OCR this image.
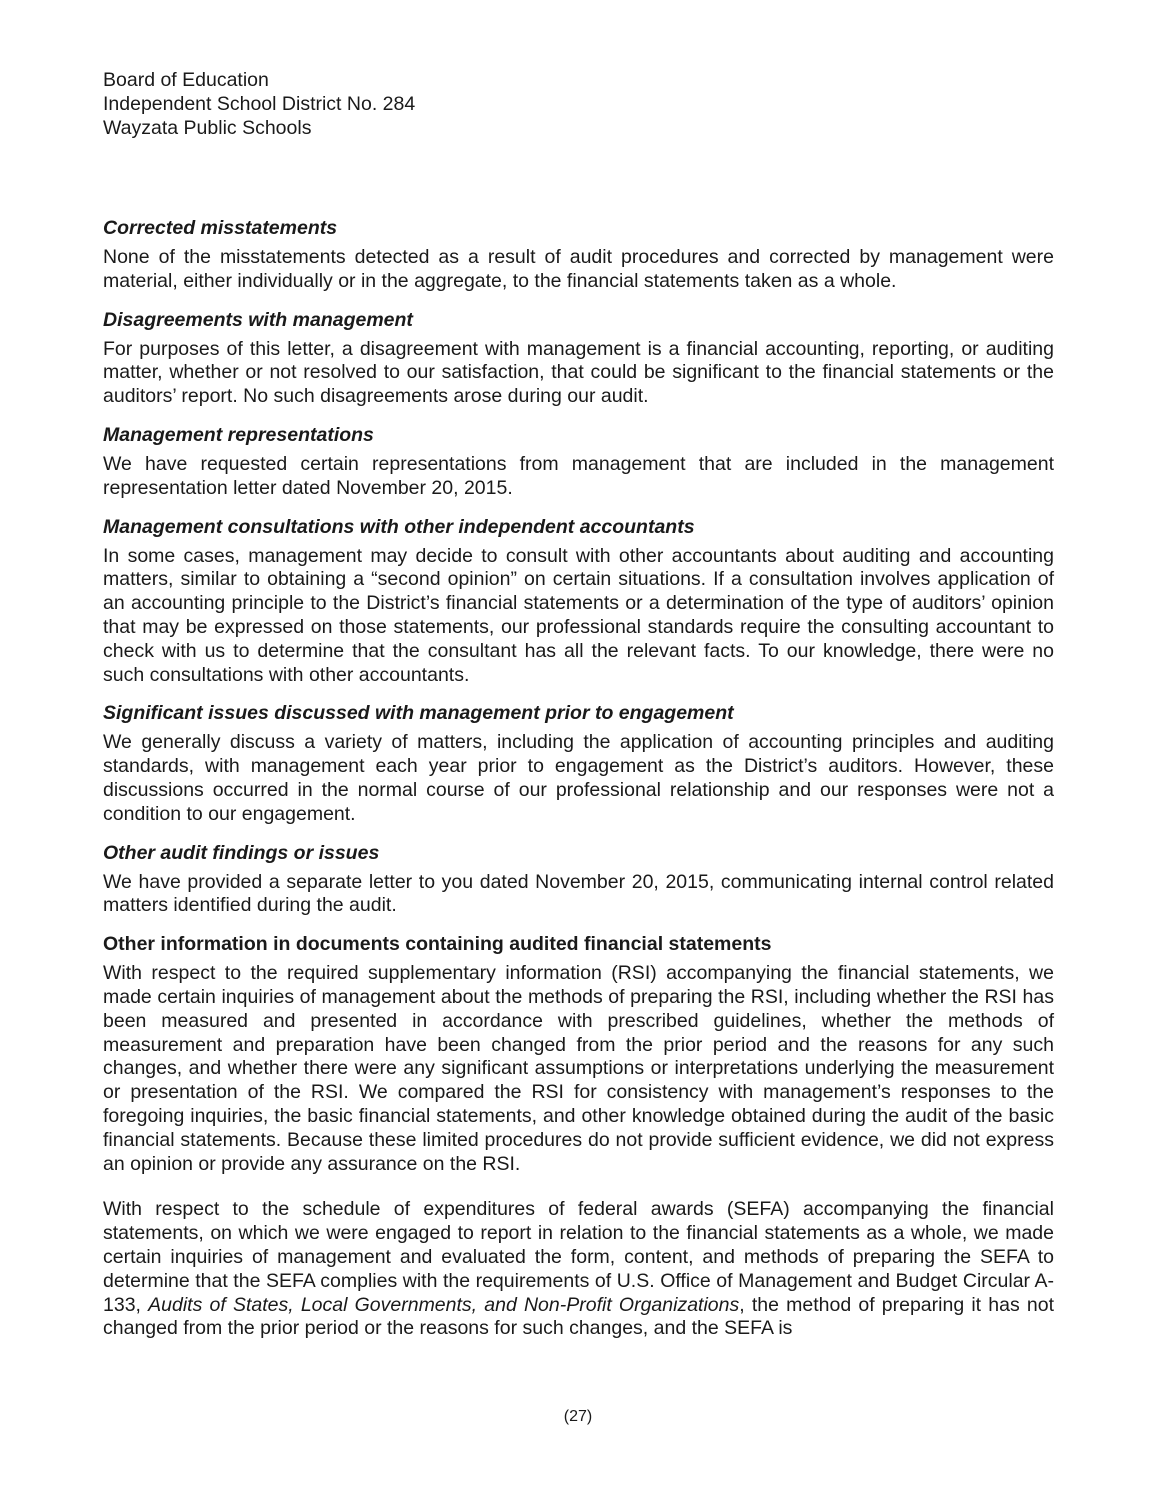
Board of Education
Independent School District No. 284
Wayzata Public Schools
Corrected misstatements

None of the misstatements detected as a result of audit procedures and corrected by management were material, either individually or in the aggregate, to the financial statements taken as a whole.

Disagreements with management

For purposes of this letter, a disagreement with management is a financial accounting, reporting, or auditing matter, whether or not resolved to our satisfaction, that could be significant to the financial statements or the auditors’ report. No such disagreements arose during our audit.

Management representations

We have requested certain representations from management that are included in the management representation letter dated November 20, 2015.

Management consultations with other independent accountants

In some cases, management may decide to consult with other accountants about auditing and accounting matters, similar to obtaining a “second opinion” on certain situations. If a consultation involves application of an accounting principle to the District’s financial statements or a determination of the type of auditors’ opinion that may be expressed on those statements, our professional standards require the consulting accountant to check with us to determine that the consultant has all the relevant facts. To our knowledge, there were no such consultations with other accountants.

Significant issues discussed with management prior to engagement

We generally discuss a variety of matters, including the application of accounting principles and auditing standards, with management each year prior to engagement as the District’s auditors. However, these discussions occurred in the normal course of our professional relationship and our responses were not a condition to our engagement.

Other audit findings or issues

We have provided a separate letter to you dated November 20, 2015, communicating internal control related matters identified during the audit.

Other information in documents containing audited financial statements

With respect to the required supplementary information (RSI) accompanying the financial statements, we made certain inquiries of management about the methods of preparing the RSI, including whether the RSI has been measured and presented in accordance with prescribed guidelines, whether the methods of measurement and preparation have been changed from the prior period and the reasons for any such changes, and whether there were any significant assumptions or interpretations underlying the measurement or presentation of the RSI. We compared the RSI for consistency with management’s responses to the foregoing inquiries, the basic financial statements, and other knowledge obtained during the audit of the basic financial statements. Because these limited procedures do not provide sufficient evidence, we did not express an opinion or provide any assurance on the RSI.

With respect to the schedule of expenditures of federal awards (SEFA) accompanying the financial statements, on which we were engaged to report in relation to the financial statements as a whole, we made certain inquiries of management and evaluated the form, content, and methods of preparing the SEFA to determine that the SEFA complies with the requirements of U.S. Office of Management and Budget Circular A-133, Audits of States, Local Governments, and Non-Profit Organizations, the method of preparing it has not changed from the prior period or the reasons for such changes, and the SEFA is

(27)
